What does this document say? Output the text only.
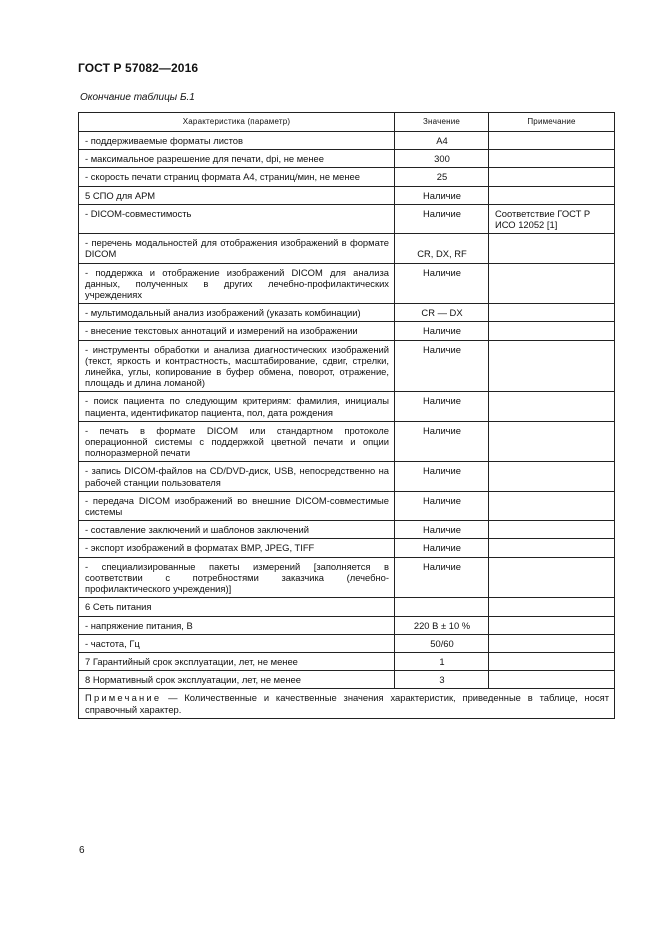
ГОСТ Р 57082—2016
Окончание таблицы Б.1
Характеристика (параметр)	Значение	Примечание
- поддерживаемые форматы листов	А4	
- максимальное разрешение для печати, dpi, не менее	300	
- скорость печати страниц формата А4, страниц/мин, не менее	25	
5 СПО для АРМ	Наличие	
- DICOM-совместимость	Наличие	Соответствие ГОСТ Р ИСО 12052 [1]
- перечень модальностей для отображения изображений в формате DICOM	CR, DX, RF	
- поддержка и отображение изображений DICOM для анализа данных, полученных в других лечебно-профилактических учреждениях	Наличие	
- мультимодальный анализ изображений (указать комбинации)	CR — DX	
- внесение текстовых аннотаций и измерений на изображении	Наличие	
- инструменты обработки и анализа диагностических изображений (текст, яркость и контрастность, масштабирование, сдвиг, стрелки, линейка, углы, копирование в буфер обмена, поворот, отражение, площадь и длина ломаной)	Наличие	
- поиск пациента по следующим критериям: фамилия, инициалы пациента, идентификатор пациента, пол, дата рождения	Наличие	
- печать в формате DICOM или стандартном протоколе операционной системы с поддержкой цветной печати и опции полноразмерной печати	Наличие	
- запись DICOM-файлов на CD/DVD-диск, USB, непосредственно на рабочей станции пользователя	Наличие	
- передача DICOM изображений во внешние DICOM-совместимые системы	Наличие	
- составление заключений и шаблонов заключений	Наличие	
- экспорт изображений в форматах BMP, JPEG, TIFF	Наличие	
- специализированные пакеты измерений [заполняется в соответствии с потребностями заказчика (лечебно-профилактического учреждения)]	Наличие	
6 Сеть питания		
- напряжение питания, В	220 В ± 10 %	
- частота, Гц	50/60	
7 Гарантийный срок эксплуатации, лет, не менее	1	
8 Нормативный срок эксплуатации, лет, не менее	3	
Примечание — Количественные и качественные значения характеристик, приведенные в таблице, носят справочный характер.		
6
